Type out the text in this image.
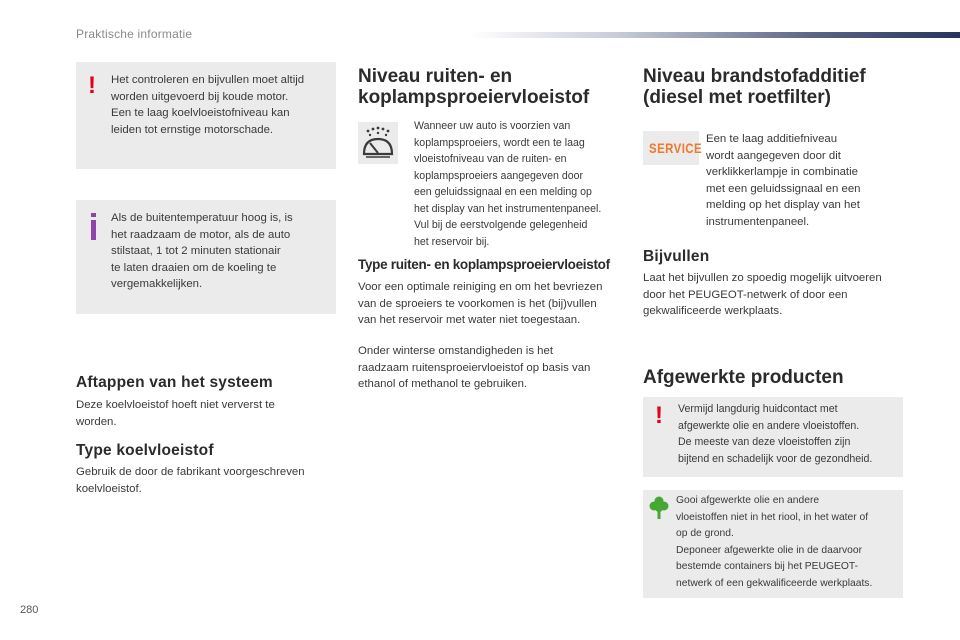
Praktische informatie
! Het controleren en bijvullen moet altijd
worden uitgevoerd bij koude motor.
Een te laag koelvloeistofniveau kan
leiden tot ernstige motorschade.
Als de buitentemperatuur hoog is, is
het raadzaam de motor, als de auto
stilstaat, 1 tot 2 minuten stationair
te laten draaien om de koeling te
vergemakkelijken.
Aftappen van het systeem
Deze koelvloeistof hoeft niet ververst te
worden.
Type koelvloeistof
Gebruik de door de fabrikant voorgeschreven
koelvloeistof.
Niveau ruiten- en
koplampsproeiervloeistof
Wanneer uw auto is voorzien van
koplampsproeiers, wordt een te laag
vloeistofniveau van de ruiten- en
koplampsproeiers aangegeven door
een geluidssignaal en een melding op
het display van het instrumentenpaneel.
Vul bij de eerstvolgende gelegenheid
het reservoir bij.
Type ruiten- en koplampsproeiervloeistof
Voor een optimale reiniging en om het bevriezen
van de sproeiers te voorkomen is het (bij)vullen
van het reservoir met water niet toegestaan.
Onder winterse omstandigheden is het
raadzaam ruitensproeiervloeistof op basis van
ethanol of methanol te gebruiken.
Niveau brandstofadditief
(diesel met roetfilter)
SERVICE
Een te laag additiefniveau
wordt aangegeven door dit
verklikkerlampje in combinatie
met een geluidssignaal en een
melding op het display van het
instrumentenpaneel.
Bijvullen
Laat het bijvullen zo spoedig mogelijk uitvoeren
door het PEUGEOT-netwerk of door een
gekwalificeerde werkplaats.
Afgewerkte producten
! Vermijd langdurig huidcontact met
afgewerkte olie en andere vloeistoffen.
De meeste van deze vloeistoffen zijn
bijtend en schadelijk voor de gezondheid.
Gooi afgewerkte olie en andere
vloeistoffen niet in het riool, in het water of
op de grond.
Deponeer afgewerkte olie in de daarvoor
bestemde containers bij het PEUGEOT-
netwerk of een gekwalificeerde werkplaats.
280
